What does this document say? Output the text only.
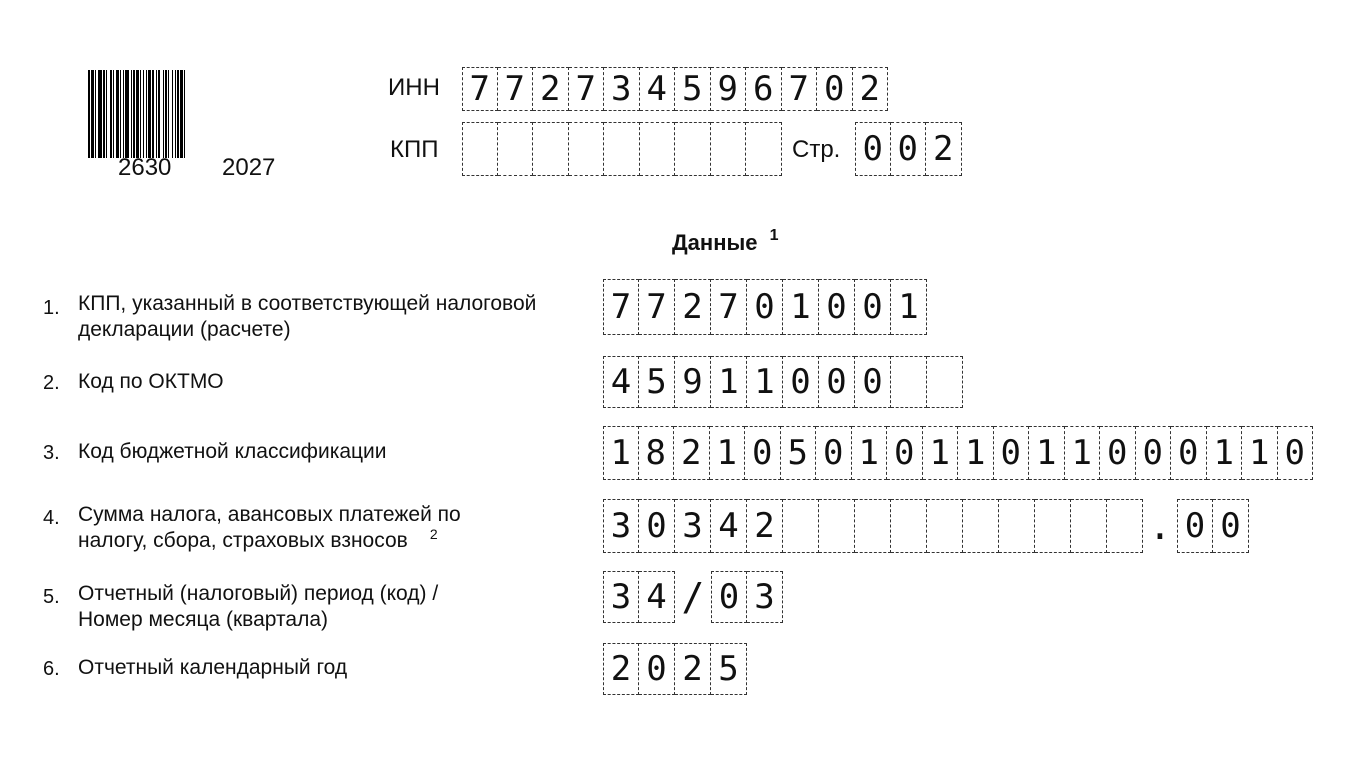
2630 2027
ИНН 7 7 2 7 3 4 5 9 6 7 0 2
КПП	Стр. 0 0 2
Данные $^1$
1. КПП, указанный в соответствующей налоговой
декларации (расчете)
7 7 2 7 0 1 0 0 1
2. Код по ОКТМО	4 5 9 1 1 0 0 0
3. Код бюджетной классификации	1 8 2 1 0 5 0 1 0 1 1 0 1 1 0 0 0 1 1 0
4. Сумма налога, авансовых платежей по
налогу, сбора, страховых взносов $^2$	3 0 3 4 2	. 0 0
5. Отчетный (налоговый) период (код) /
Номер месяца (квартала)
3 4 / 0 3
6. Отчетный календарный год	2 0 2 5
